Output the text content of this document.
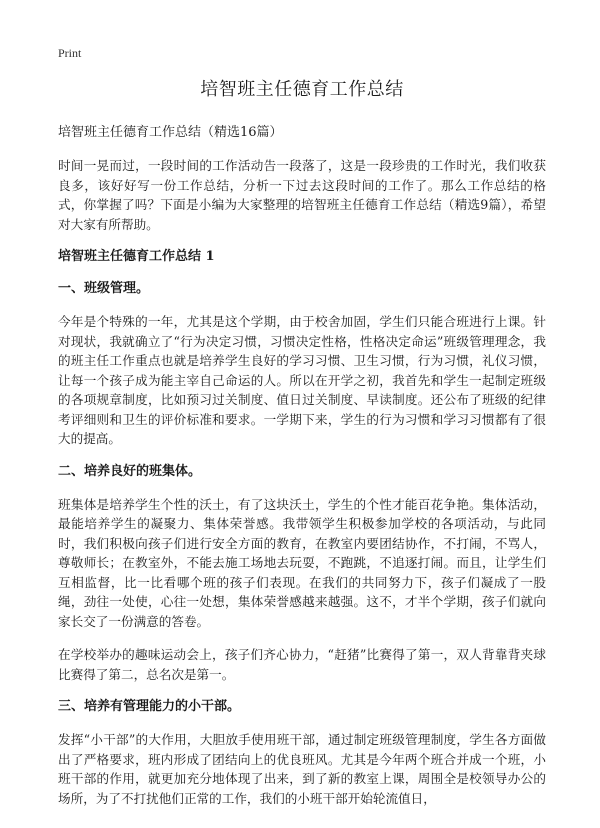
Print
培智班主任德育工作总结
培智班主任德育工作总结（精选16篇）

时间一晃而过，一段时间的工作活动告一段落了，这是一段珍贵的工作时光，我们收获良多，该好好写一份工作总结，分析一下过去这段时间的工作了。那么工作总结的格式，你掌握了吗？下面是小编为大家整理的培智班主任德育工作总结（精选9篇），希望对大家有所帮助。

培智班主任德育工作总结 1
一、班级管理。

今年是个特殊的一年，尤其是这个学期，由于校舍加固，学生们只能合班进行上课。针对现状，我就确立了“行为决定习惯，习惯决定性格，性格决定命运”班级管理理念，我的班主任工作重点也就是培养学生良好的学习习惯、卫生习惯，行为习惯，礼仪习惯，让每一个孩子成为能主宰自己命运的人。所以在开学之初，我首先和学生一起制定班级的各项规章制度，比如预习过关制度、值日过关制度、早读制度。还公布了班级的纪律考评细则和卫生的评价标准和要求。一学期下来，学生的行为习惯和学习习惯都有了很大的提高。

二、培养良好的班集体。

班集体是培养学生个性的沃土，有了这块沃土，学生的个性才能百花争艳。集体活动，最能培养学生的凝聚力、集体荣誉感。我带领学生积极参加学校的各项活动，与此同时，我们积极向孩子们进行安全方面的教育，在教室内要团结协作，不打闹，不骂人，尊敬师长；在教室外，不能去施工场地去玩耍，不跑跳，不追逐打闹。而且，让学生们互相监督，比一比看哪个班的孩子们表现。在我们的共同努力下，孩子们凝成了一股绳，劲往一处使，心往一处想，集体荣誉感越来越强。这不，才半个学期，孩子们就向家长交了一份满意的答卷。

在学校举办的趣味运动会上，孩子们齐心协力，“赶猪”比赛得了第一，双人背靠背夹球比赛得了第二，总名次是第一。

三、培养有管理能力的小干部。

发挥“小干部”的大作用，大胆放手使用班干部，通过制定班级管理制度，学生各方面做出了严格要求，班内形成了团结向上的优良班风。尤其是今年两个班合并成一个班，小班干部的作用，就更加充分地体现了出来，到了新的教室上课，周围全是校领导办公的场所，为了不打扰他们正常的工作，我们的小班干部开始轮流值日，
